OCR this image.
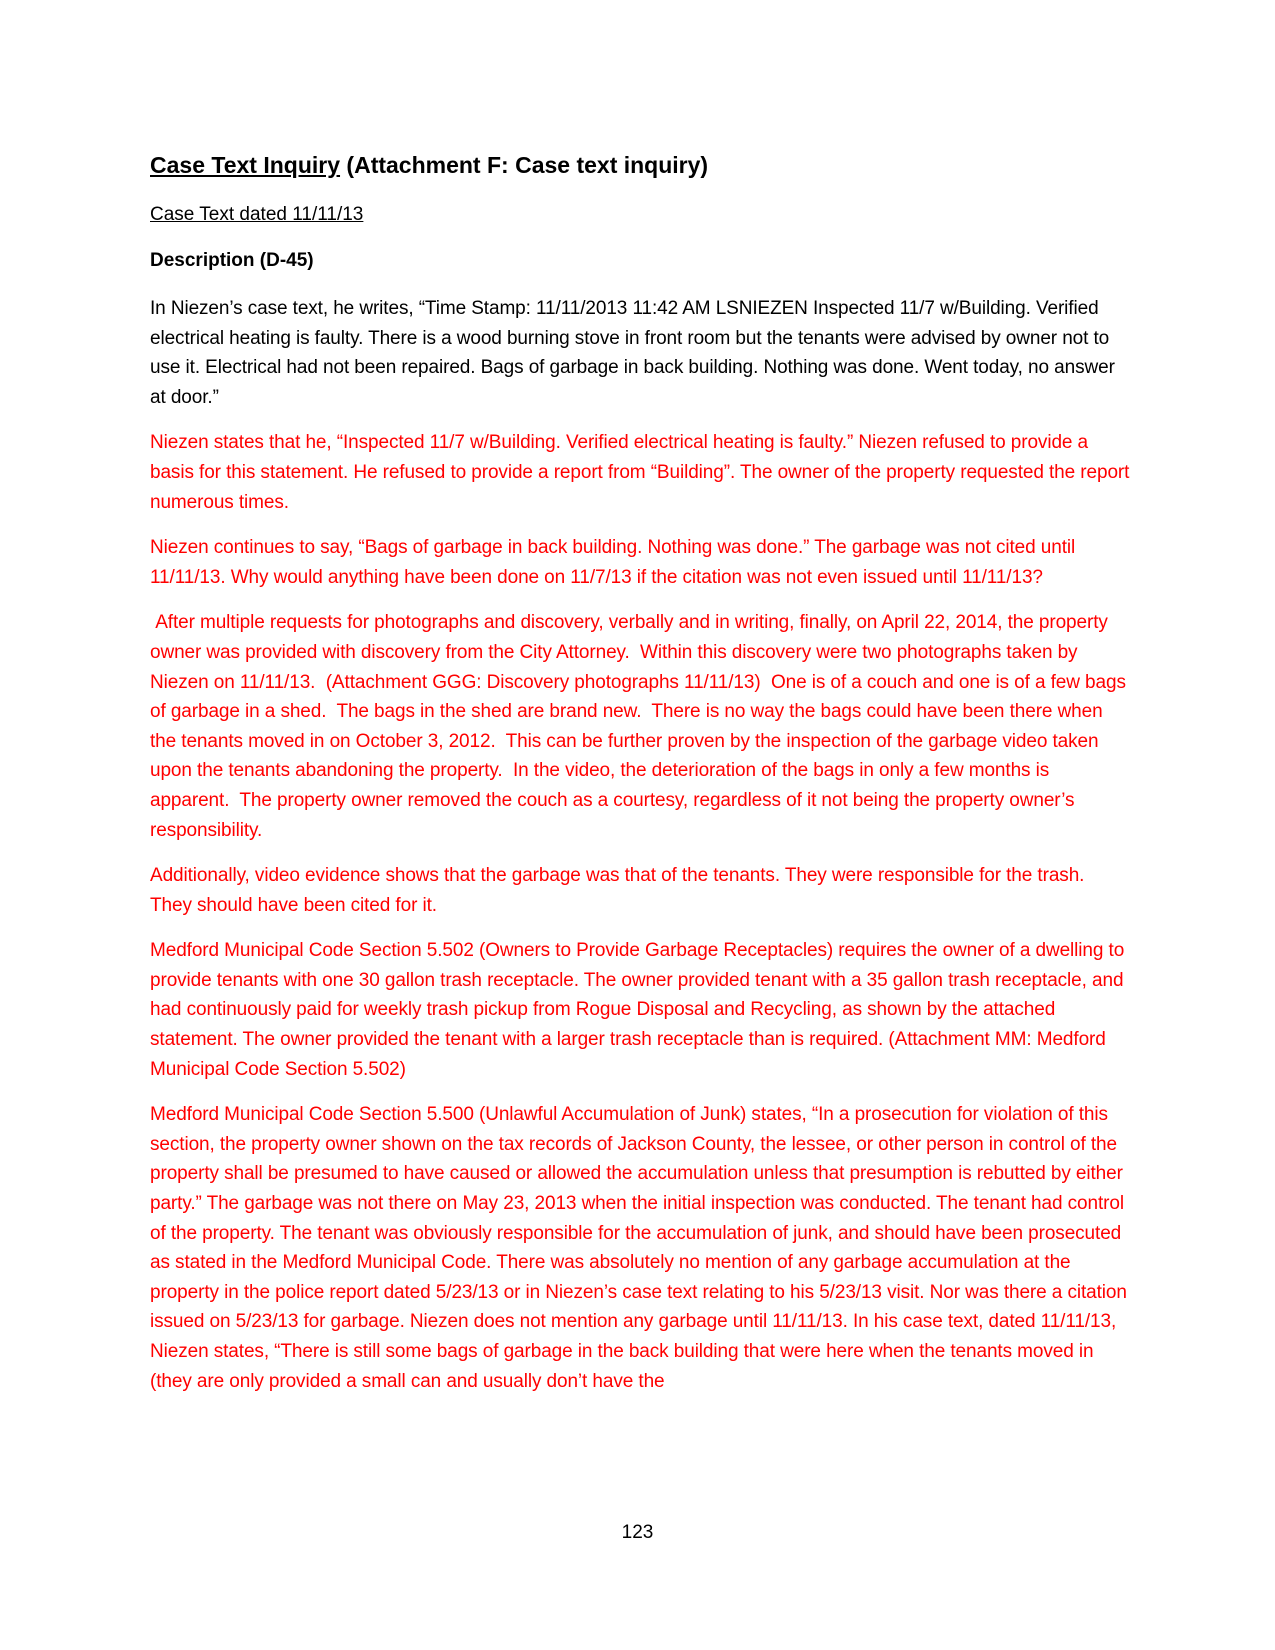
Case Text Inquiry (Attachment F: Case text inquiry)
Case Text dated 11/11/13
Description (D-45)

In Niezen’s case text, he writes, “Time Stamp: 11/11/2013 11:42 AM LSNIEZEN Inspected 11/7 w/Building. Verified electrical heating is faulty. There is a wood burning stove in front room but the tenants were advised by owner not to use it. Electrical had not been repaired. Bags of garbage in back building. Nothing was done. Went today, no answer at door.”

Niezen states that he, “Inspected 11/7 w/Building. Verified electrical heating is faulty.” Niezen refused to provide a basis for this statement. He refused to provide a report from “Building”. The owner of the property requested the report numerous times.

Niezen continues to say, “Bags of garbage in back building. Nothing was done.” The garbage was not cited until 11/11/13. Why would anything have been done on 11/7/13 if the citation was not even issued until 11/11/13?

After multiple requests for photographs and discovery, verbally and in writing, finally, on April 22, 2014, the property owner was provided with discovery from the City Attorney.  Within this discovery were two photographs taken by Niezen on 11/11/13.  (Attachment GGG: Discovery photographs 11/11/13)  One is of a couch and one is of a few bags of garbage in a shed.  The bags in the shed are brand new.  There is no way the bags could have been there when the tenants moved in on October 3, 2012.  This can be further proven by the inspection of the garbage video taken upon the tenants abandoning the property.  In the video, the deterioration of the bags in only a few months is apparent.  The property owner removed the couch as a courtesy, regardless of it not being the property owner’s responsibility.

Additionally, video evidence shows that the garbage was that of the tenants. They were responsible for the trash. They should have been cited for it.

Medford Municipal Code Section 5.502 (Owners to Provide Garbage Receptacles) requires the owner of a dwelling to provide tenants with one 30 gallon trash receptacle. The owner provided tenant with a 35 gallon trash receptacle, and had continuously paid for weekly trash pickup from Rogue Disposal and Recycling, as shown by the attached statement. The owner provided the tenant with a larger trash receptacle than is required. (Attachment MM: Medford Municipal Code Section 5.502)

Medford Municipal Code Section 5.500 (Unlawful Accumulation of Junk) states, “In a prosecution for violation of this section, the property owner shown on the tax records of Jackson County, the lessee, or other person in control of the property shall be presumed to have caused or allowed the accumulation unless that presumption is rebutted by either party.” The garbage was not there on May 23, 2013 when the initial inspection was conducted. The tenant had control of the property. The tenant was obviously responsible for the accumulation of junk, and should have been prosecuted as stated in the Medford Municipal Code. There was absolutely no mention of any garbage accumulation at the property in the police report dated 5/23/13 or in Niezen’s case text relating to his 5/23/13 visit. Nor was there a citation issued on 5/23/13 for garbage. Niezen does not mention any garbage until 11/11/13. In his case text, dated 11/11/13, Niezen states, “There is still some bags of garbage in the back building that were here when the tenants moved in (they are only provided a small can and usually don’t have the

123
